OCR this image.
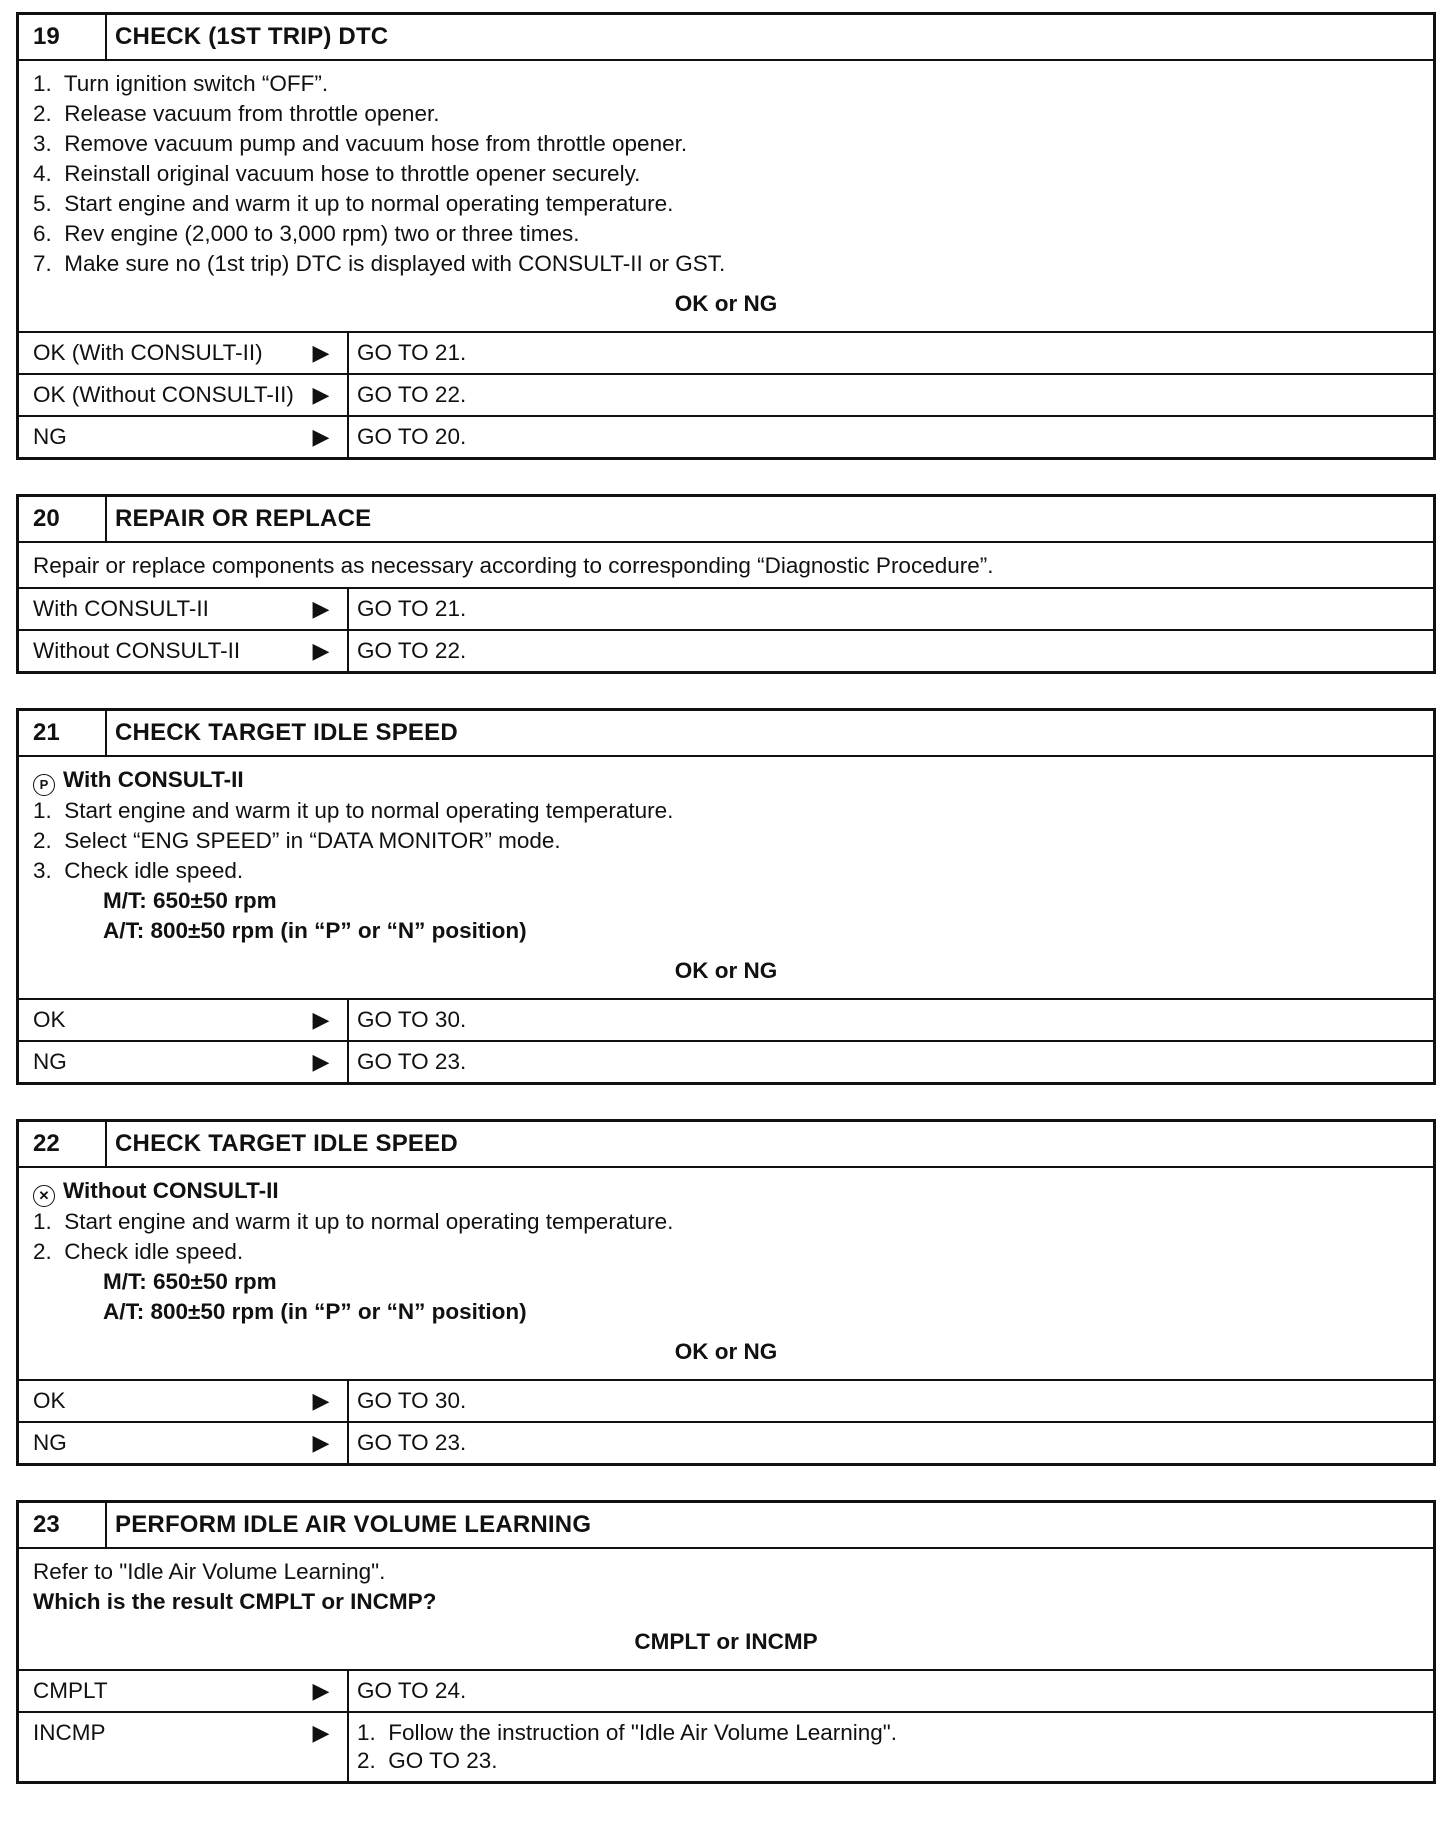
19	CHECK (1ST TRIP) DTC
1.  Turn ignition switch “OFF”.
2.  Release vacuum from throttle opener.
3.  Remove vacuum pump and vacuum hose from throttle opener.
4.  Reinstall original vacuum hose to throttle opener securely.
5.  Start engine and warm it up to normal operating temperature.
6.  Rev engine (2,000 to 3,000 rpm) two or three times.
7.  Make sure no (1st trip) DTC is displayed with CONSULT-II or GST.
OK or NG
OK (With CONSULT-II) ▶ GO TO 21.
OK (Without CONSULT-II) ▶ GO TO 22.
NG	▶ GO TO 20.
20	REPAIR OR REPLACE
Repair or replace components as necessary according to corresponding “Diagnostic Procedure”.
With CONSULT-II	▶ GO TO 21.
Without CONSULT-II	▶ GO TO 22.
21	CHECK TARGET IDLE SPEED
P With CONSULT-II
1.  Start engine and warm it up to normal operating temperature.
2.  Select “ENG SPEED” in “DATA MONITOR” mode.
3.  Check idle speed.
M/T: 650±50 rpm
A/T: 800±50 rpm (in “P” or “N” position)
OK or NG
OK	▶ GO TO 30.
NG	▶ GO TO 23.
22	CHECK TARGET IDLE SPEED
✕ Without CONSULT-II
1.  Start engine and warm it up to normal operating temperature.
2.  Check idle speed.
M/T: 650±50 rpm
A/T: 800±50 rpm (in “P” or “N” position)
OK or NG
OK	▶ GO TO 30.
NG	▶ GO TO 23.
23	PERFORM IDLE AIR VOLUME LEARNING
Refer to "Idle Air Volume Learning".
Which is the result CMPLT or INCMP?
CMPLT or INCMP
CMPLT	▶ GO TO 24.
INCMP	▶ 1.  Follow the instruction of "Idle Air Volume Learning".
2.  GO TO 23.
